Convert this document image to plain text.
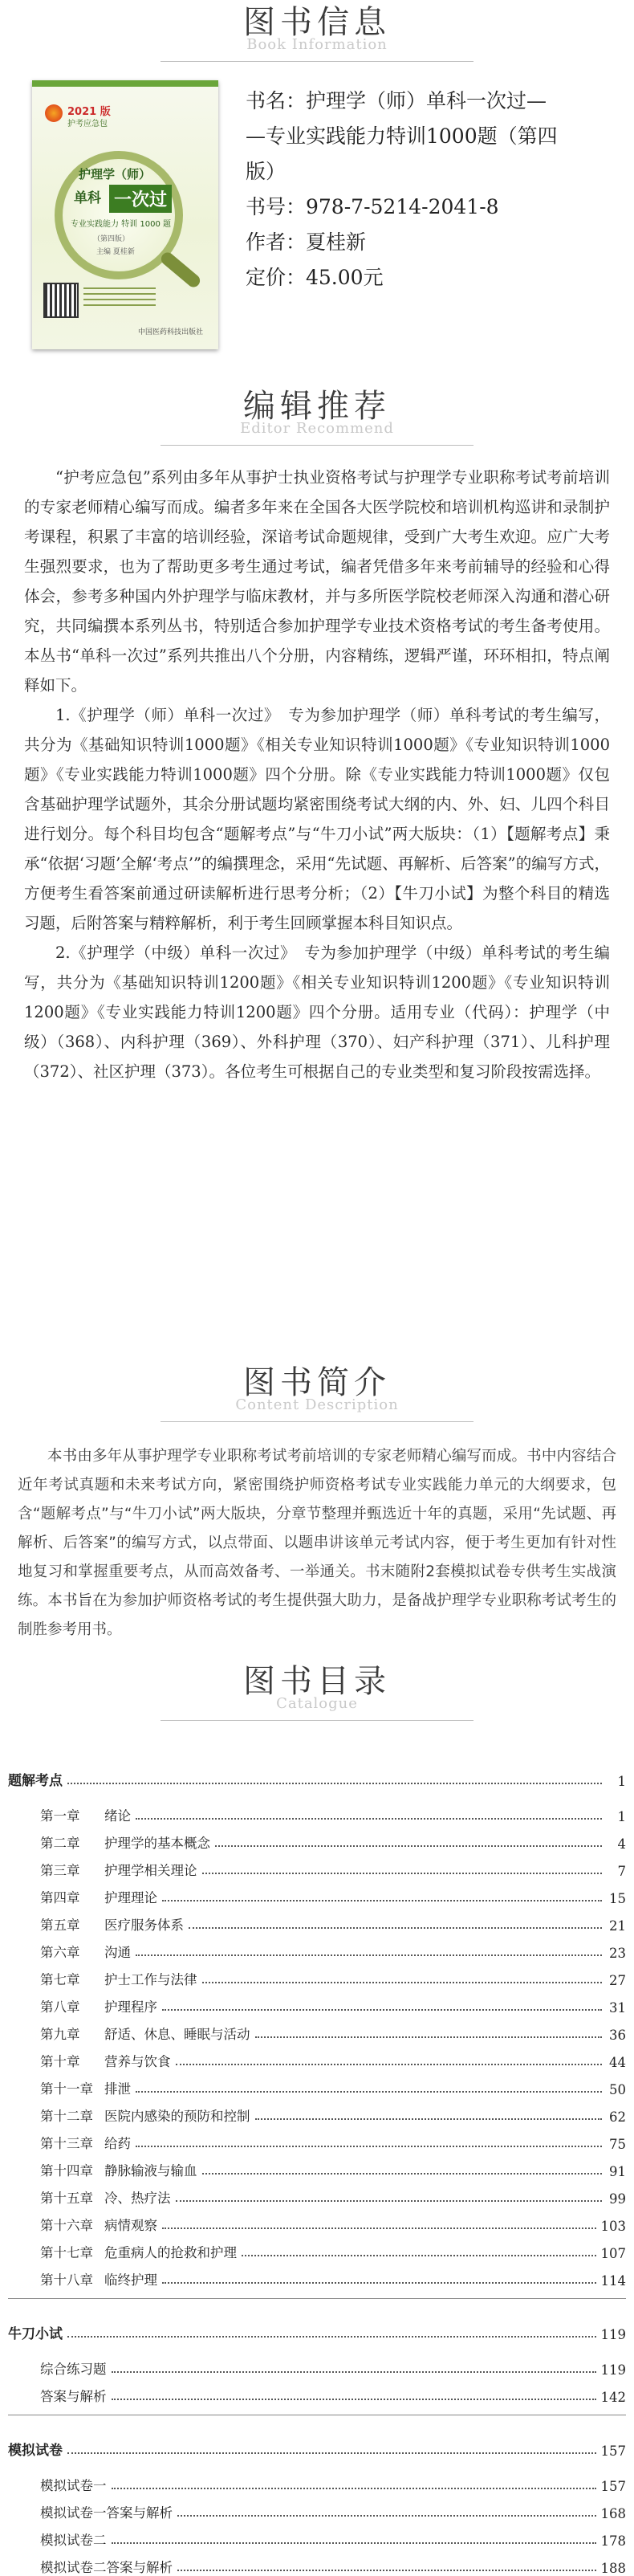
图书信息
Book Information
2021 版
护考应急包
护理学（师）
单科 一次过
专业实践能力 特训 1000 题
（第四版）
主编 夏桂新
中国医药科技出版社
书名：护理学（师）单科一次过—
—专业实践能力特训1000题（第四
版）
书号：978-7-5214-2041-8
作者：夏桂新
定价：45.00元
编辑推荐
Editor Recommend

“护考应急包”系列由多年从事护士执业资格考试与护理学专业职称考试考前培训的专家老师精心编写而成。编者多年来在全国各大医学院校和培训机构巡讲和录制护考课程，积累了丰富的培训经验，深谙考试命题规律，受到广大考生欢迎。应广大考生强烈要求，也为了帮助更多考生通过考试，编者凭借多年来考前辅导的经验和心得体会，参考多种国内外护理学与临床教材，并与多所医学院校老师深入沟通和潜心研究，共同编撰本系列丛书，特别适合参加护理学专业技术资格考试的考生备考使用。本丛书“单科一次过”系列共推出八个分册，内容精练，逻辑严谨，环环相扣，特点阐释如下。

1.《护理学（师）单科一次过》　专为参加护理学（师）单科考试的考生编写，共分为《基础知识特训1000题》《相关专业知识特训1000题》《专业知识特训1000题》《专业实践能力特训1000题》四个分册。除《专业实践能力特训1000题》仅包含基础护理学试题外，其余分册试题均紧密围绕考试大纲的内、外、妇、儿四个科目进行划分。每个科目均包含“题解考点”与“牛刀小试”两大版块：（1）【题解考点】秉承“依据‘习题’全解‘考点’”的编撰理念，采用“先试题、再解析、后答案”的编写方式，方便考生看答案前通过研读解析进行思考分析；（2）【牛刀小试】为整个科目的精选习题，后附答案与精粹解析，利于考生回顾掌握本科目知识点。

2.《护理学（中级）单科一次过》　专为参加护理学（中级）单科考试的考生编写，共分为《基础知识特训1200题》《相关专业知识特训1200题》《专业知识特训1200题》《专业实践能力特训1200题》四个分册。适用专业（代码）：护理学（中级）（368）、内科护理（369）、外科护理（370）、妇产科护理（371）、儿科护理（372）、社区护理（373）。各位考生可根据自己的专业类型和复习阶段按需选择。

图书简介
Content Description

本书由多年从事护理学专业职称考试考前培训的专家老师精心编写而成。书中内容结合近年考试真题和未来考试方向，紧密围绕护师资格考试专业实践能力单元的大纲要求，包含“题解考点”与“牛刀小试”两大版块，分章节整理并甄选近十年的真题，采用“先试题、再解析、后答案”的编写方式，以点带面、以题串讲该单元考试内容，便于考生更加有针对性地复习和掌握重要考点，从而高效备考、一举通关。书末随附2套模拟试卷专供考生实战演练。本书旨在为参加护师资格考试的考生提供强大助力，是备战护理学专业职称考试考生的制胜参考用书。

图书目录
Catalogue
题解考点	1
第一章 绪论	1
第二章 护理学的基本概念	4
第三章 护理学相关理论	7
第四章 护理理论	15
第五章 医疗服务体系	21
第六章 沟通	23
第七章 护士工作与法律	27
第八章 护理程序	31
第九章 舒适、休息、睡眠与活动	36
第十章 营养与饮食	44
第十一章 排泄	50
第十二章 医院内感染的预防和控制	62
第十三章 给药	75
第十四章 静脉输液与输血	91
第十五章 冷、热疗法	99
第十六章 病情观察	103
第十七章 危重病人的抢救和护理	107
第十八章 临终护理	114
牛刀小试	119
综合练习题	119
答案与解析	142
模拟试卷	157
模拟试卷一	157
模拟试卷一答案与解析	168
模拟试卷二	178
模拟试卷二答案与解析	188
